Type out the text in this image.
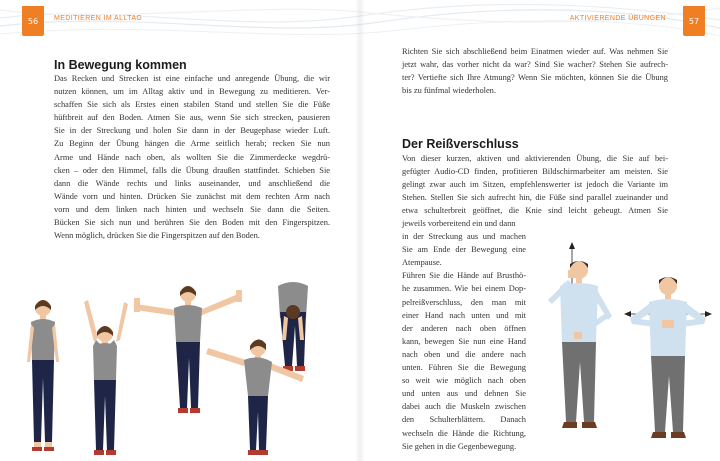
56	MEDITIEREN IM ALLTAG
In Bewegung kommen
Das Recken und Strecken ist eine einfache und anregende Übung, die wir
nutzen können, um im Alltag aktiv und in Bewegung zu meditieren. Ver-
schaffen Sie sich als Erstes einen stabilen Stand und stellen Sie die Füße
hüftbreit auf den Boden. Atmen Sie aus, wenn Sie sich strecken, pausieren
Sie in der Streckung und holen Sie dann in der Beugephase wieder Luft.
Zu Beginn der Übung hängen die Arme seitlich herab; recken Sie nun
Arme und Hände nach oben, als wollten Sie die Zimmerdecke wegdrü-
cken – oder den Himmel, falls die Übung draußen stattfindet. Schieben Sie
dann die Wände rechts und links auseinander, und anschließend die
Wände vorn und hinten. Drücken Sie zunächst mit dem rechten Arm nach
vorn und dem linken nach hinten und wechseln Sie dann die Seiten.
Bücken Sie sich nun und berühren Sie den Boden mit den Fingerspitzen.
Wenn möglich, drücken Sie die Fingerspitzen auf den Boden.
57
AKTIVIERENDE ÜBUNGEN
Richten Sie sich abschließend beim Einatmen wieder auf. Was nehmen Sie
jetzt wahr, das vorher nicht da war? Sind Sie wacher? Stehen Sie aufrech-
ter? Vertiefte sich Ihre Atmung? Wenn Sie möchten, können Sie die Übung
bis zu fünfmal wiederholen.
Der Reißverschluss
Von dieser kurzen, aktiven und aktivierenden Übung, die Sie auf bei-
gefügter Audio-CD finden, profitieren Bildschirmarbeiter am meisten. Sie
gelingt zwar auch im Sitzen, empfehlenswerter ist jedoch die Variante im
Stehen. Stellen Sie sich aufrecht hin, die Füße sind parallel zueinander und
etwa schulterbreit geöffnet, die Knie sind leicht gebeugt. Atmen Sie
jeweils vorbereitend ein und dann
in der Streckung aus und machen
Sie am Ende der Bewegung eine
Atempause.
Führen Sie die Hände auf Brusthö-
he zusammen. Wie bei einem Dop-
pelreißverschluss, den man mit
einer Hand nach unten und mit
der anderen nach oben öffnen
kann, bewegen Sie nun eine Hand
nach oben und die andere nach
unten. Führen Sie die Bewegung
so weit wie möglich nach oben
und unten aus und dehnen Sie
dabei auch die Muskeln zwischen
den Schulterblättern. Danach
wechseln die Hände die Richtung,
Sie gehen in die Gegenbewegung.
